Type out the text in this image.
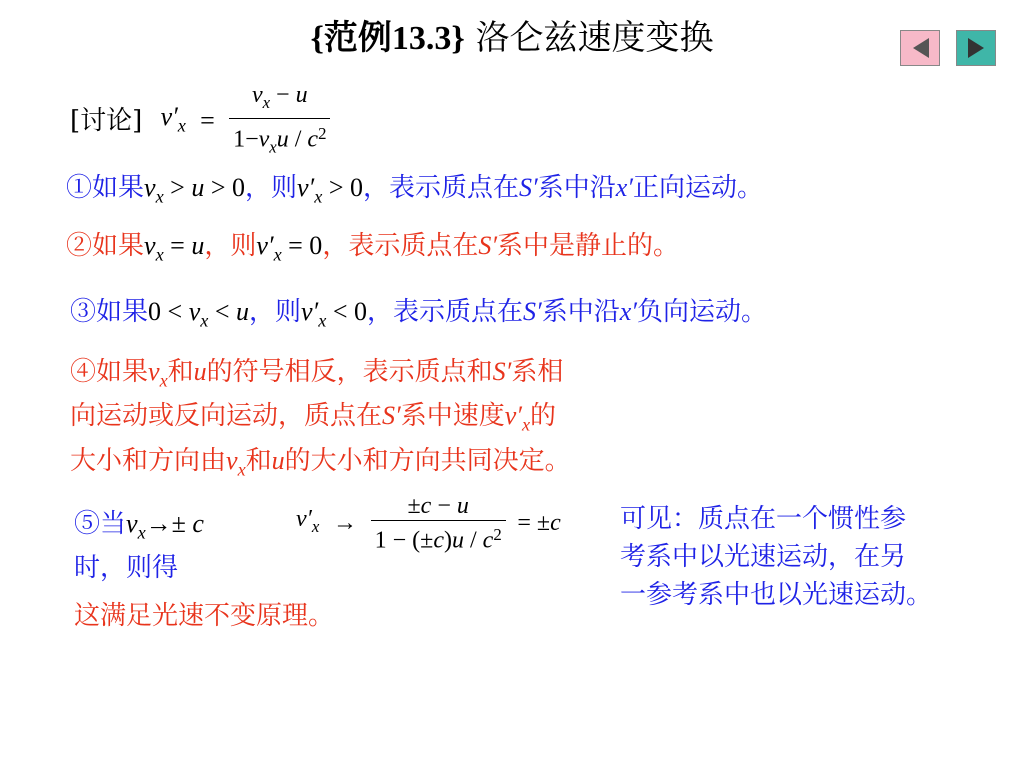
{范例13.3} 洛仑兹速度变换
[讨论] $v'_x = \frac{v_x - u}{1-v_xu / c^2}$
①如果$v_x > u > 0$，则$v'_x > 0$，表示质点在S′系中沿x′正向运动。
②如果$v_x = u$，则$v'_x = 0$，表示质点在S′系中是静止的。
③如果$0 < v_x < u$，则$v'_x < 0$，表示质点在S′系中沿x′负向运动。
④如果$v_x$和u的符号相反，表示质点和S′系相
向运动或反向运动，质点在S′系中速度$v'_x$的
大小和方向由$v_x$和u的大小和方向共同决定。
⑤当$v_x\to\pm c$
时，则得
$v'_x \to \frac{\pm c - u}{1 - (\pm c)u / c^2} = \pm c$
这满足光速不变原理。
可见：质点在一个惯性参
考系中以光速运动，在另
一参考系中也以光速运动。
